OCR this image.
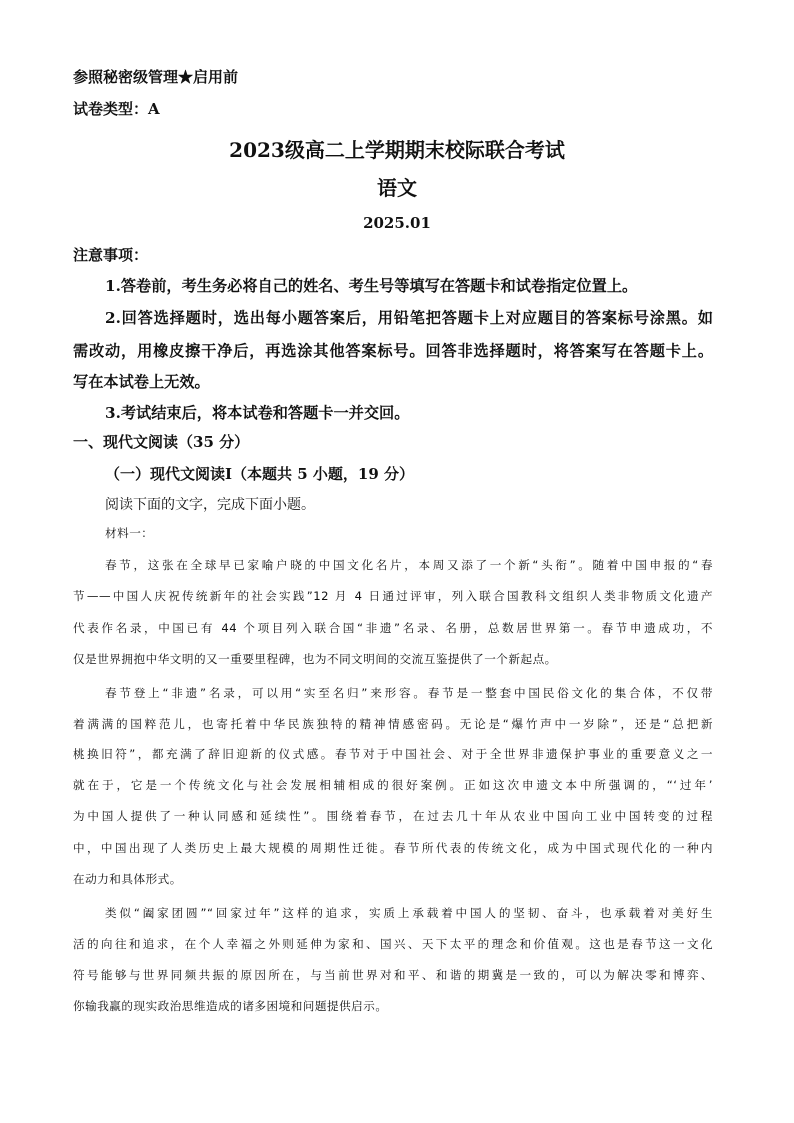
参照秘密级管理★启用前
试卷类型：A
2023级高二上学期期末校际联合考试
语文
2025.01
注意事项：
1.答卷前，考生务必将自己的姓名、考生号等填写在答题卡和试卷指定位置上。
2.回答选择题时，选出每小题答案后，用铅笔把答题卡上对应题目的答案标号涂黑。如
需改动，用橡皮擦干净后，再选涂其他答案标号。回答非选择题时，将答案写在答题卡上。
写在本试卷上无效。
3.考试结束后，将本试卷和答题卡一并交回。
一、现代文阅读（35 分）
（一）现代文阅读Ⅰ（本题共 5 小题，19 分）
阅读下面的文字，完成下面小题。
材料一：
春节，这张在全球早已家喻户晓的中国文化名片，本周又添了一个新“头衔”。随着中国申报的“春
节——中国人庆祝传统新年的社会实践”12 月 4 日通过评审，列入联合国教科文组织人类非物质文化遗产
代表作名录，中国已有 44 个项目列入联合国“非遗”名录、名册，总数居世界第一。春节申遗成功，不
仅是世界拥抱中华文明的又一重要里程碑，也为不同文明间的交流互鉴提供了一个新起点。
春节登上“非遗”名录，可以用“实至名归”来形容。春节是一整套中国民俗文化的集合体，不仅带
着满满的国粹范儿，也寄托着中华民族独特的精神情感密码。无论是“爆竹声中一岁除”，还是“总把新
桃换旧符”，都充满了辞旧迎新的仪式感。春节对于中国社会、对于全世界非遗保护事业的重要意义之一
就在于，它是一个传统文化与社会发展相辅相成的很好案例。正如这次申遗文本中所强调的，“‘过年’
为中国人提供了一种认同感和延续性”。围绕着春节，在过去几十年从农业中国向工业中国转变的过程
中，中国出现了人类历史上最大规模的周期性迁徙。春节所代表的传统文化，成为中国式现代化的一种内
在动力和具体形式。
类似“阖家团圆”“回家过年”这样的追求，实质上承载着中国人的坚韧、奋斗，也承载着对美好生
活的向往和追求，在个人幸福之外则延伸为家和、国兴、天下太平的理念和价值观。这也是春节这一文化
符号能够与世界同频共振的原因所在，与当前世界对和平、和谐的期冀是一致的，可以为解决零和博弈、
你输我赢的现实政治思维造成的诸多困境和问题提供启示。
